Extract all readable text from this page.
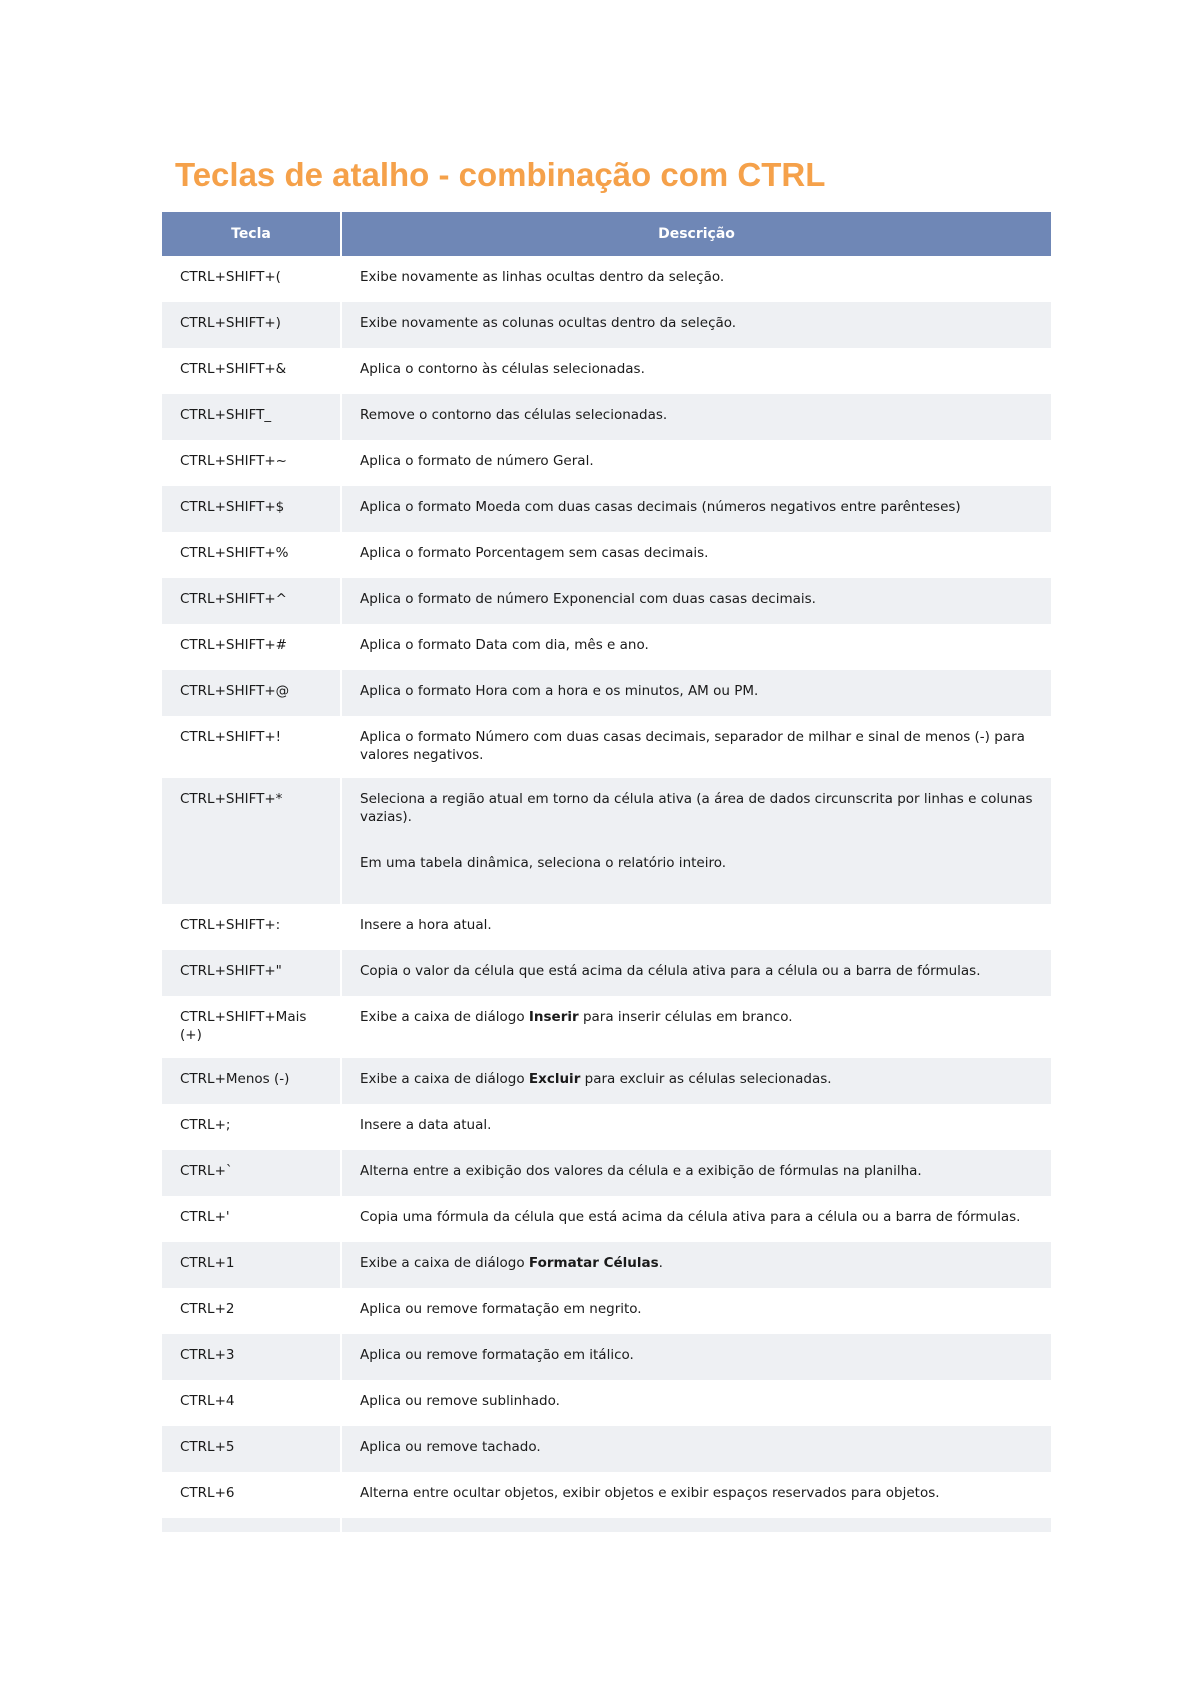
Teclas de atalho - combinação com CTRL
Tecla	Descrição
CTRL+SHIFT+(	Exibe novamente as linhas ocultas dentro da seleção.
CTRL+SHIFT+)	Exibe novamente as colunas ocultas dentro da seleção.
CTRL+SHIFT+&	Aplica o contorno às células selecionadas.
CTRL+SHIFT_	Remove o contorno das células selecionadas.
CTRL+SHIFT+~	Aplica o formato de número Geral.
CTRL+SHIFT+$	Aplica o formato Moeda com duas casas decimais (números negativos entre parênteses)
CTRL+SHIFT+%	Aplica o formato Porcentagem sem casas decimais.
CTRL+SHIFT+^	Aplica o formato de número Exponencial com duas casas decimais.
CTRL+SHIFT+#	Aplica o formato Data com dia, mês e ano.
CTRL+SHIFT+@	Aplica o formato Hora com a hora e os minutos, AM ou PM.
CTRL+SHIFT+!	Aplica o formato Número com duas casas decimais, separador de milhar e sinal de menos (-) para valores negativos.
CTRL+SHIFT+*	Seleciona a região atual em torno da célula ativa (a área de dados circunscrita por linhas e colunas vazias).

Em uma tabela dinâmica, seleciona o relatório inteiro.

CTRL+SHIFT+:	Insere a hora atual.
CTRL+SHIFT+"	Copia o valor da célula que está acima da célula ativa para a célula ou a barra de fórmulas.
CTRL+SHIFT+Mais (+)	Exibe a caixa de diálogo Inserir para inserir células em branco.
CTRL+Menos (-)	Exibe a caixa de diálogo Excluir para excluir as células selecionadas.
CTRL+;	Insere a data atual.
CTRL+`	Alterna entre a exibição dos valores da célula e a exibição de fórmulas na planilha.
CTRL+'	Copia uma fórmula da célula que está acima da célula ativa para a célula ou a barra de fórmulas.
CTRL+1	Exibe a caixa de diálogo Formatar Células.
CTRL+2	Aplica ou remove formatação em negrito.
CTRL+3	Aplica ou remove formatação em itálico.
CTRL+4	Aplica ou remove sublinhado.
CTRL+5	Aplica ou remove tachado.
CTRL+6	Alterna entre ocultar objetos, exibir objetos e exibir espaços reservados para objetos.
